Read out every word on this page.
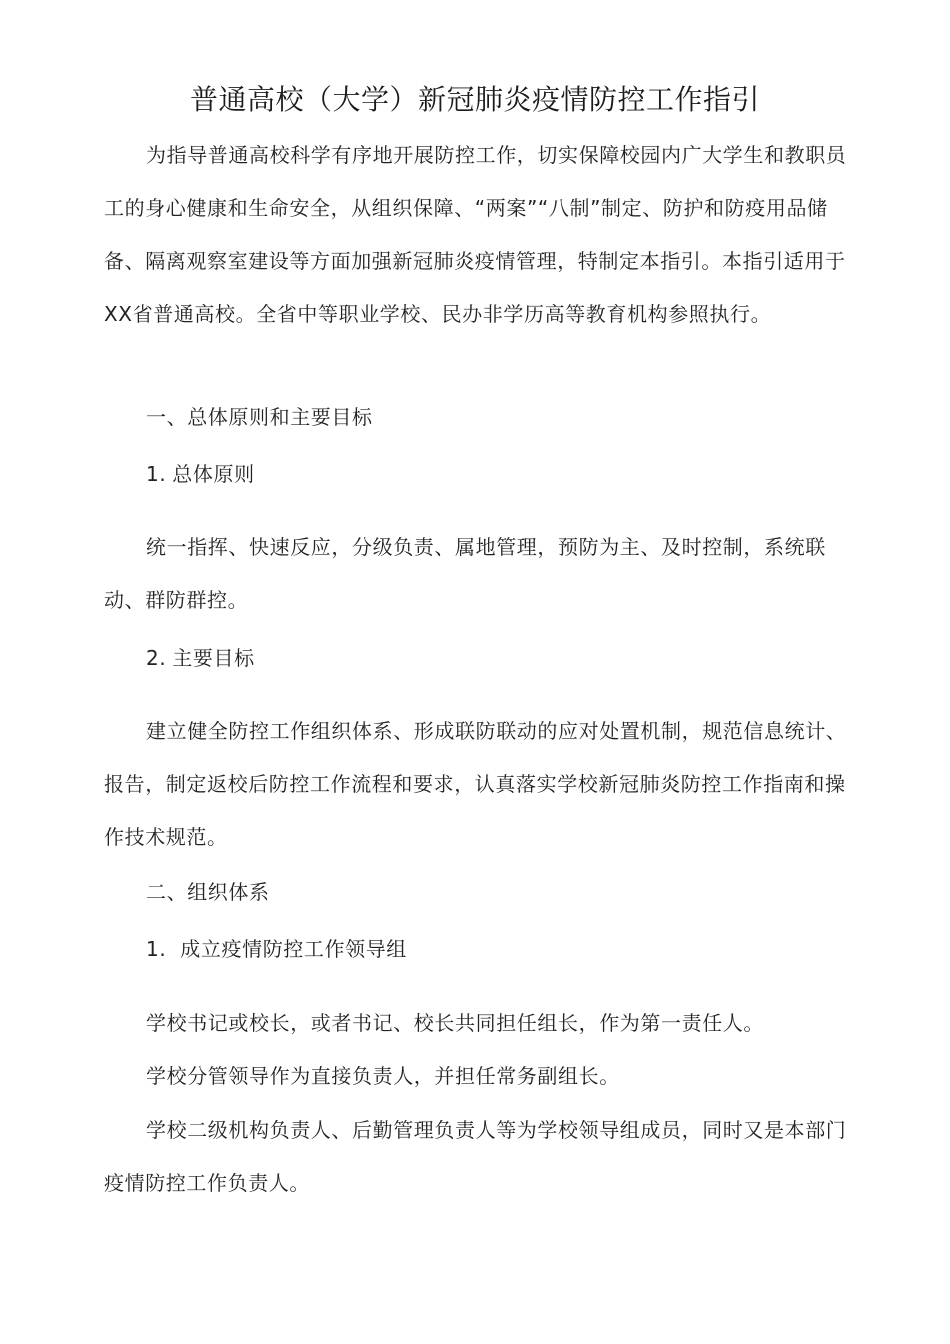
普通高校（大学）新冠肺炎疫情防控工作指引

为指导普通高校科学有序地开展防控工作，切实保障校园内广大学生和教职员工的身心健康和生命安全，从组织保障、“两案”“八制”制定、防护和防疫用品储备、隔离观察室建设等方面加强新冠肺炎疫情管理，特制定本指引。本指引适用于XX省普通高校。全省中等职业学校、民办非学历高等教育机构参照执行。

一、总体原则和主要目标
1. 总体原则

统一指挥、快速反应，分级负责、属地管理，预防为主、及时控制，系统联动、群防群控。

2. 主要目标

建立健全防控工作组织体系、形成联防联动的应对处置机制，规范信息统计、报告，制定返校后防控工作流程和要求，认真落实学校新冠肺炎防控工作指南和操作技术规范。

二、组织体系
1. 成立疫情防控工作领导组
学校书记或校长，或者书记、校长共同担任组长，作为第一责任人。
学校分管领导作为直接负责人，并担任常务副组长。

学校二级机构负责人、后勤管理负责人等为学校领导组成员，同时又是本部门疫情防控工作负责人。
